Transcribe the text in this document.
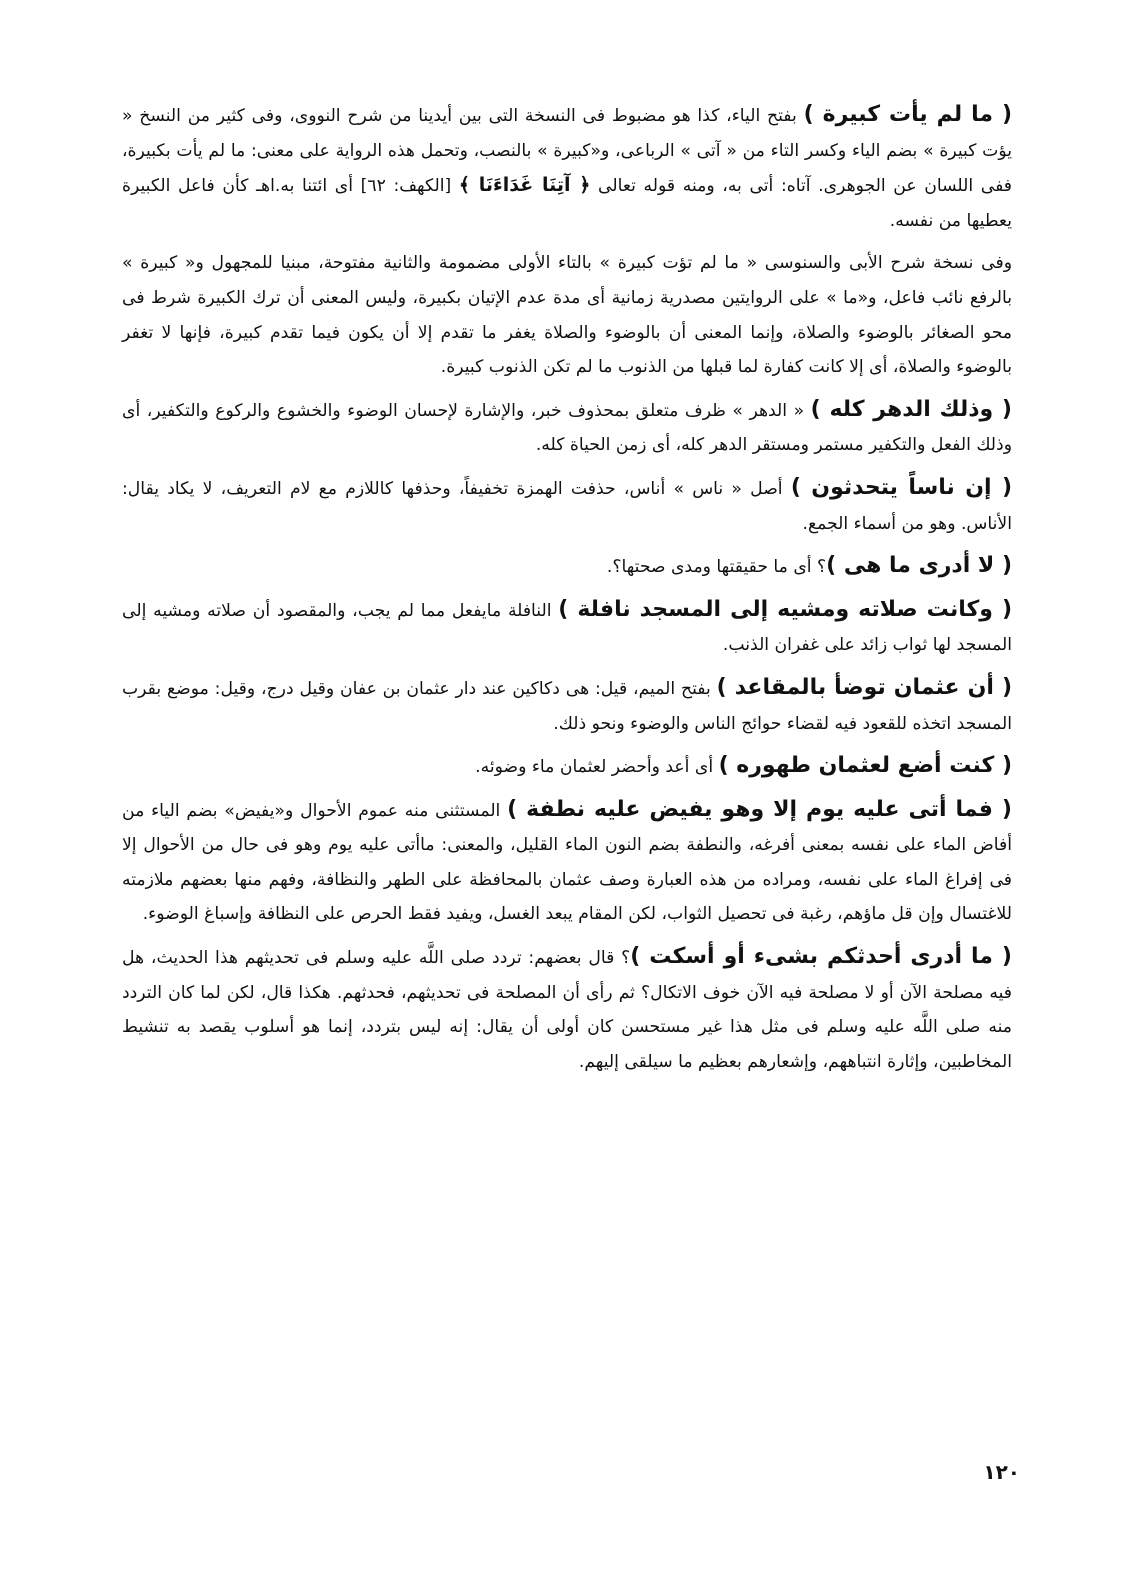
( ما لم يأت كبيرة ) بفتح الياء، كذا هو مضبوط فى النسخة التى بين أيدينا من شرح النووى، وفى كثير من النسخ « يؤت كبيرة » بضم الياء وكسر التاء من « آتى » الرباعى، و«كبيرة » بالنصب، وتحمل هذه الرواية على معنى: ما لم يأت بكبيرة، ففى اللسان عن الجوهرى. آتاه: أتى به، ومنه قوله تعالى ﴿ آتِنَا غَدَاءَنَا ﴾ [الكهف: ٦٢] أى ائتنا به.اهـ كأن فاعل الكبيرة يعطيها من نفسه.

وفى نسخة شرح الأبى والسنوسى « ما لم تؤت كبيرة » بالتاء الأولى مضمومة والثانية مفتوحة، مبنيا للمجهول و« كبيرة » بالرفع نائب فاعل، و«ما » على الروايتين مصدرية زمانية أى مدة عدم الإتيان بكبيرة، وليس المعنى أن ترك الكبيرة شرط فى محو الصغائر بالوضوء والصلاة، وإنما المعنى أن بالوضوء والصلاة يغفر ما تقدم إلا أن يكون فيما تقدم كبيرة، فإنها لا تغفر بالوضوء والصلاة، أى إلا كانت كفارة لما قبلها من الذنوب ما لم تكن الذنوب كبيرة.

( وذلك الدهر كله ) « الدهر » ظرف متعلق بمحذوف خبر، والإشارة لإحسان الوضوء والخشوع والركوع والتكفير، أى وذلك الفعل والتكفير مستمر ومستقر الدهر كله، أى زمن الحياة كله.

( إن ناساً يتحدثون ) أصل « ناس » أناس، حذفت الهمزة تخفيفاً، وحذفها كاللازم مع لام التعريف، لا يكاد يقال: الأناس. وهو من أسماء الجمع.

( لا أدرى ما هى )؟ أى ما حقيقتها ومدى صحتها؟.

( وكانت صلاته ومشيه إلى المسجد نافلة ) النافلة مايفعل مما لم يجب، والمقصود أن صلاته ومشيه إلى المسجد لها ثواب زائد على غفران الذنب.

( أن عثمان توضأ بالمقاعد ) بفتح الميم، قيل: هى دكاكين عند دار عثمان بن عفان وقيل درج، وقيل: موضع بقرب المسجد اتخذه للقعود فيه لقضاء حوائج الناس والوضوء ونحو ذلك.

( كنت أضع لعثمان طهوره ) أى أعد وأحضر لعثمان ماء وضوئه.

( فما أتى عليه يوم إلا وهو يفيض عليه نطفة ) المستثنى منه عموم الأحوال و«يفيض» بضم الياء من أفاض الماء على نفسه بمعنى أفرغه، والنطفة بضم النون الماء القليل، والمعنى: ماأتى عليه يوم وهو فى حال من الأحوال إلا فى إفراغ الماء على نفسه، ومراده من هذه العبارة وصف عثمان بالمحافظة على الطهر والنظافة، وفهم منها بعضهم ملازمته للاغتسال وإن قل ماؤهم، رغبة فى تحصيل الثواب، لكن المقام يبعد الغسل، ويفيد فقط الحرص على النظافة وإسباغ الوضوء.

( ما أدرى أحدثكم بشىء أو أسكت )؟ قال بعضهم: تردد صلى اللَّه عليه وسلم فى تحديثهم هذا الحديث، هل فيه مصلحة الآن أو لا مصلحة فيه الآن خوف الاتكال؟ ثم رأى أن المصلحة فى تحديثهم، فحدثهم. هكذا قال، لكن لما كان التردد منه صلى اللَّه عليه وسلم فى مثل هذا غير مستحسن كان أولى أن يقال: إنه ليس بتردد، إنما هو أسلوب يقصد به تنشيط المخاطبين، وإثارة انتباههم، وإشعارهم بعظيم ما سيلقى إليهم.

١٢٠
